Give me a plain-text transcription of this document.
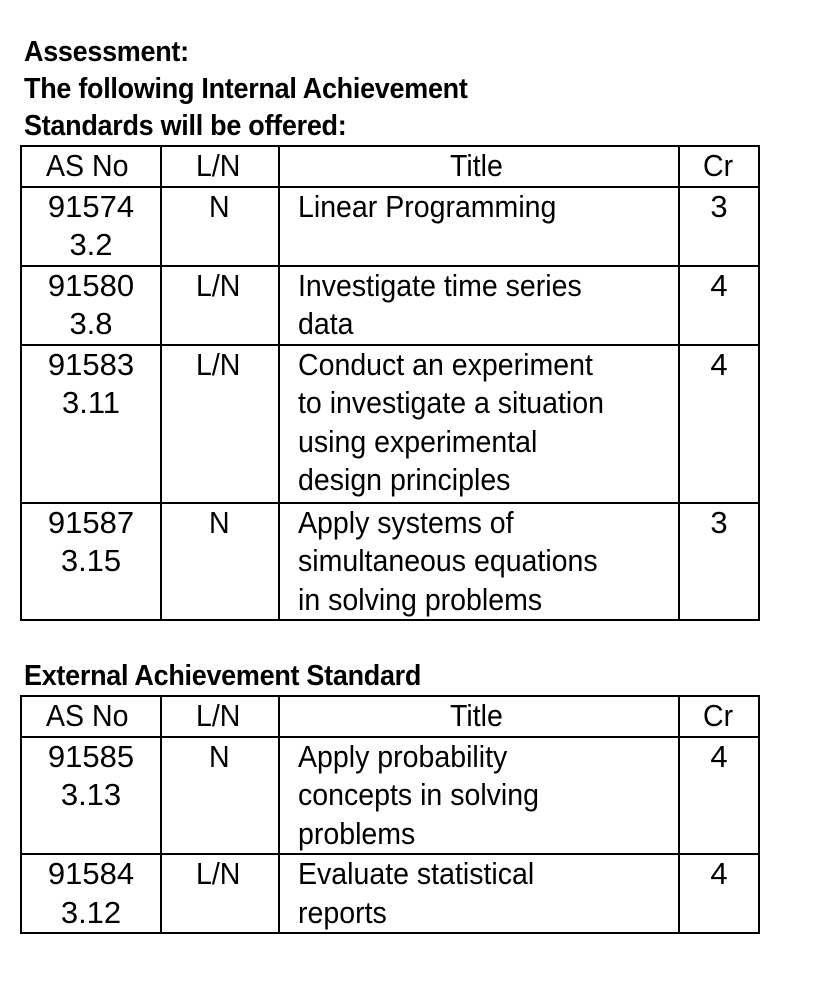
Assessment:
The following Internal Achievement
Standards will be offered:
AS No	L/N	Title	Cr

91574
3.2	N	Linear Programming	3

91580
3.8	L/N	Investigate time series
data	4

91583
3.11	L/N	Conduct an experiment
to investigate a situation
using experimental
design principles	4

91587
3.15	N	Apply systems of
simultaneous equations
in solving problems	3
External Achievement Standard
AS No	L/N	Title	Cr

91585
3.13	N	Apply probability
concepts in solving
problems	4

91584
3.12	L/N	Evaluate statistical
reports	4
